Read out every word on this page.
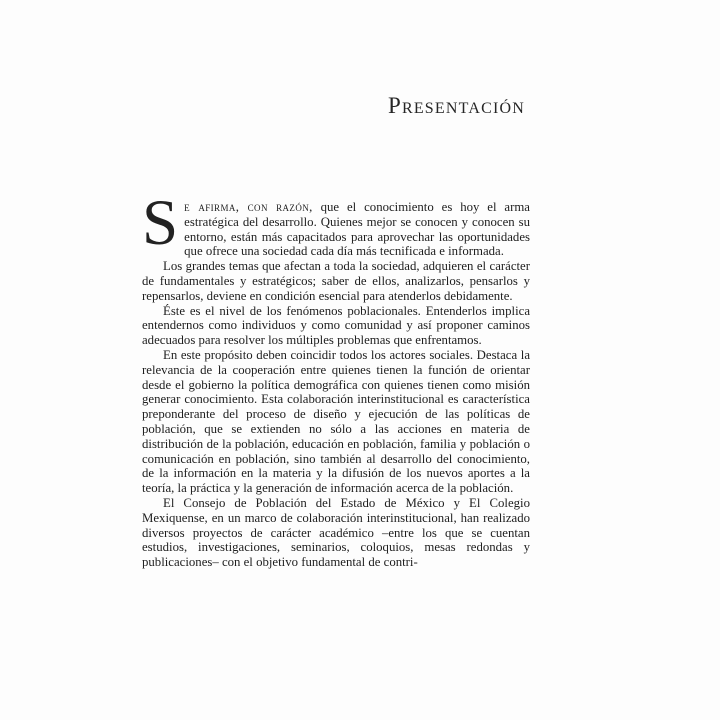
Presentación

Se afirma, con razón, que el conocimiento es hoy el arma estratégica del desarrollo. Quienes mejor se conocen y conocen su entorno, están más capacitados para aprovechar las oportunidades que ofrece una sociedad cada día más tecnificada e informada.

Los grandes temas que afectan a toda la sociedad, adquieren el carácter de fundamentales y estratégicos; saber de ellos, analizarlos, pensarlos y repensarlos, deviene en condición esencial para atenderlos debidamente.

Éste es el nivel de los fenómenos poblacionales. Entenderlos implica entendernos como individuos y como comunidad y así proponer caminos adecuados para resolver los múltiples problemas que enfrentamos.

En este propósito deben coincidir todos los actores sociales. Destaca la relevancia de la cooperación entre quienes tienen la función de orientar desde el gobierno la política demográfica con quienes tienen como misión generar conocimiento. Esta colaboración interinstitucional es característica preponderante del proceso de diseño y ejecución de las políticas de población, que se extienden no sólo a las acciones en materia de distribución de la población, educación en población, familia y población o comunicación en población, sino también al desarrollo del conocimiento, de la información en la materia y la difusión de los nuevos aportes a la teoría, la práctica y la generación de información acerca de la población.

El Consejo de Población del Estado de México y El Colegio Mexiquense, en un marco de colaboración interinstitucional, han realizado diversos proyectos de carácter académico –entre los que se cuentan estudios, investigaciones, seminarios, coloquios, mesas redondas y publicaciones– con el objetivo fundamental de contri-
